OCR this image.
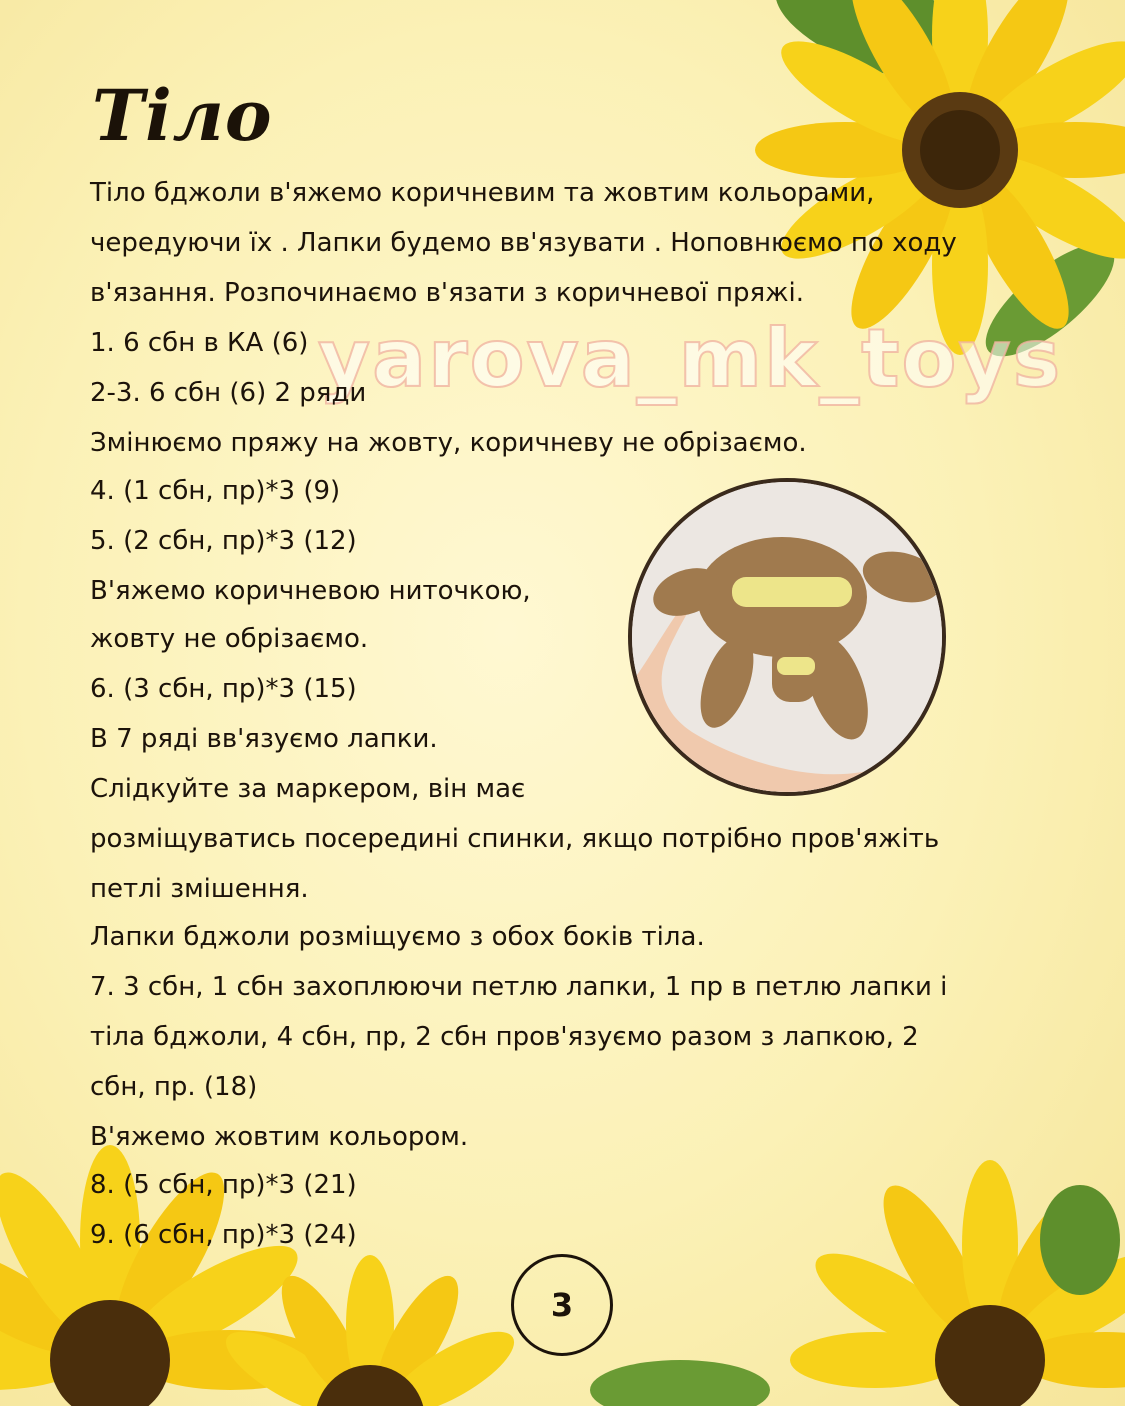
Тіло
yarova_mk_toys
Тіло бджоли в'яжемо коричневим та жовтим кольорами,
чередуючи їх . Лапки будемо вв'язувати . Ноповнюємо по ходу
в'язання. Розпочинаємо в'язати з коричневої пряжі.
1. 6 сбн в КА (6)
2-3. 6 сбн (6) 2 ряди
Змінюємо пряжу на жовту, коричневу не обрізаємо.
4. (1 сбн, пр)*3 (9)
5. (2 сбн, пр)*3 (12)
В'яжемо коричневою ниточкою,
жовту не обрізаємо.
6. (3 сбн, пр)*3 (15)
В 7 ряді вв'язуємо лапки.
Слідкуйте за маркером, він має
розміщуватись посередині спинки, якщо потрібно пров'яжіть
петлі змішення.
Лапки бджоли розміщуємо з обох боків тіла.
7. 3 сбн, 1 сбн захоплюючи петлю лапки, 1 пр в петлю лапки і
тіла бджоли, 4 сбн, пр, 2 сбн пров'язуємо разом з лапкою, 2
сбн, пр. (18)
В'яжемо жовтим кольором.
8. (5 сбн, пр)*3 (21)
9. (6 сбн, пр)*3 (24)
3
